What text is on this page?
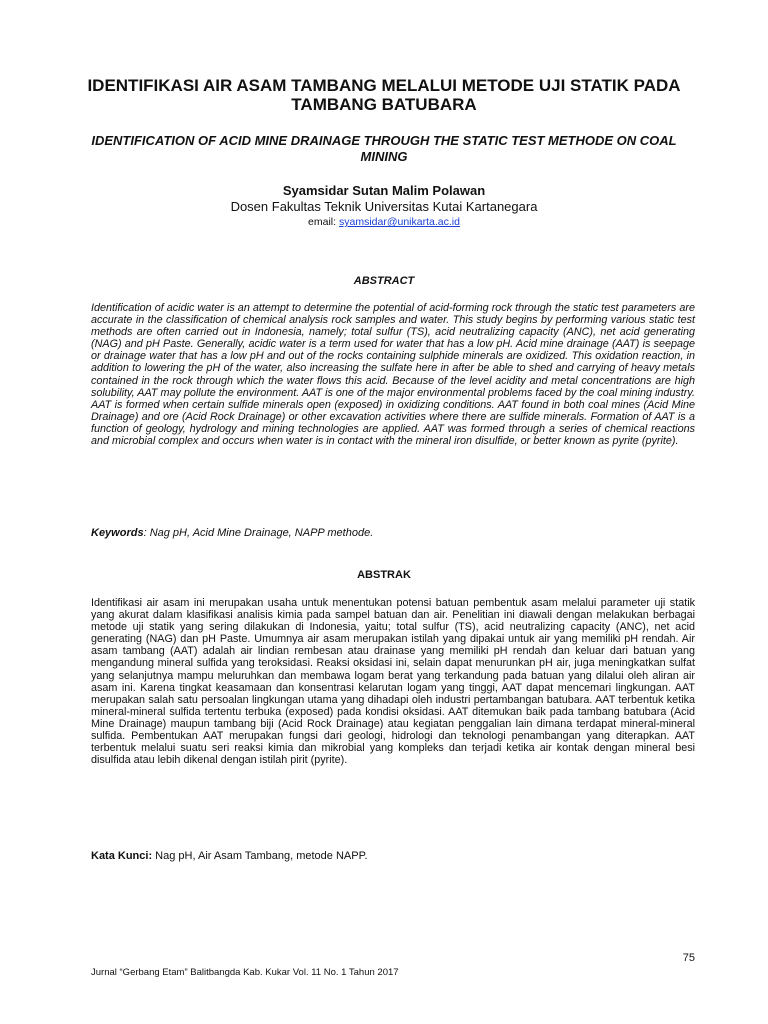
IDENTIFIKASI AIR ASAM TAMBANG MELALUI METODE UJI STATIK PADA TAMBANG BATUBARA
IDENTIFICATION OF ACID MINE DRAINAGE THROUGH THE STATIC TEST METHODE ON COAL MINING
Syamsidar Sutan Malim Polawan
Dosen Fakultas Teknik Universitas Kutai Kartanegara
email: syamsidar@unikarta.ac.id
ABSTRACT
Identification of acidic water is an attempt to determine the potential of acid-forming rock through the static test parameters are accurate in the classification of chemical analysis rock samples and water. This study begins by performing various static test methods are often carried out in Indonesia, namely; total sulfur (TS), acid neutralizing capacity (ANC), net acid generating (NAG) and pH Paste. Generally, acidic water is a term used for water that has a low pH. Acid mine drainage (AAT) is seepage or drainage water that has a low pH and out of the rocks containing sulphide minerals are oxidized. This oxidation reaction, in addition to lowering the pH of the water, also increasing the sulfate here in after be able to shed and carrying of heavy metals contained in the rock through which the water flows this acid. Because of the level acidity and metal concentrations are high solubility, AAT may pollute the environment. AAT is one of the major environmental problems faced by the coal mining industry. AAT is formed when certain sulfide minerals open (exposed) in oxidizing conditions. AAT found in both coal mines (Acid Mine Drainage) and ore (Acid Rock Drainage) or other excavation activities where there are sulfide minerals. Formation of AAT is a function of geology, hydrology and mining technologies are applied. AAT was formed through a series of chemical reactions and microbial complex and occurs when water is in contact with the mineral iron disulfide, or better known as pyrite (pyrite).
Keywords: Nag pH, Acid Mine Drainage, NAPP methode.
ABSTRAK
Identifikasi air asam ini merupakan usaha untuk menentukan potensi batuan pembentuk asam melalui parameter uji statik yang akurat dalam klasifikasi analisis kimia pada sampel batuan dan air. Penelitian ini diawali dengan melakukan berbagai metode uji statik yang sering dilakukan di Indonesia, yaitu; total sulfur (TS), acid neutralizing capacity (ANC), net acid generating (NAG) dan pH Paste. Umumnya air asam merupakan istilah yang dipakai untuk air yang memiliki pH rendah. Air asam tambang (AAT) adalah air lindian rembesan atau drainase yang memiliki pH rendah dan keluar dari batuan yang mengandung mineral sulfida yang teroksidasi. Reaksi oksidasi ini, selain dapat menurunkan pH air, juga meningkatkan sulfat yang selanjutnya mampu meluruhkan dan membawa logam berat yang terkandung pada batuan yang dilalui oleh aliran air asam ini. Karena tingkat keasamaan dan konsentrasi kelarutan logam yang tinggi, AAT dapat mencemari lingkungan. AAT merupakan salah satu persoalan lingkungan utama yang dihadapi oleh industri pertambangan batubara. AAT terbentuk ketika mineral-mineral sulfida tertentu terbuka (exposed) pada kondisi oksidasi. AAT ditemukan baik pada tambang batubara (Acid Mine Drainage) maupun tambang biji (Acid Rock Drainage) atau kegiatan penggalian lain dimana terdapat mineral-mineral sulfida. Pembentukan AAT merupakan fungsi dari geologi, hidrologi dan teknologi penambangan yang diterapkan. AAT terbentuk melalui suatu seri reaksi kimia dan mikrobial yang kompleks dan terjadi ketika air kontak dengan mineral besi disulfida atau lebih dikenal dengan istilah pirit (pyrite).
Kata Kunci: Nag pH, Air Asam Tambang, metode NAPP.
75
Jurnal “Gerbang Etam” Balitbangda Kab. Kukar Vol. 11 No. 1 Tahun 2017
